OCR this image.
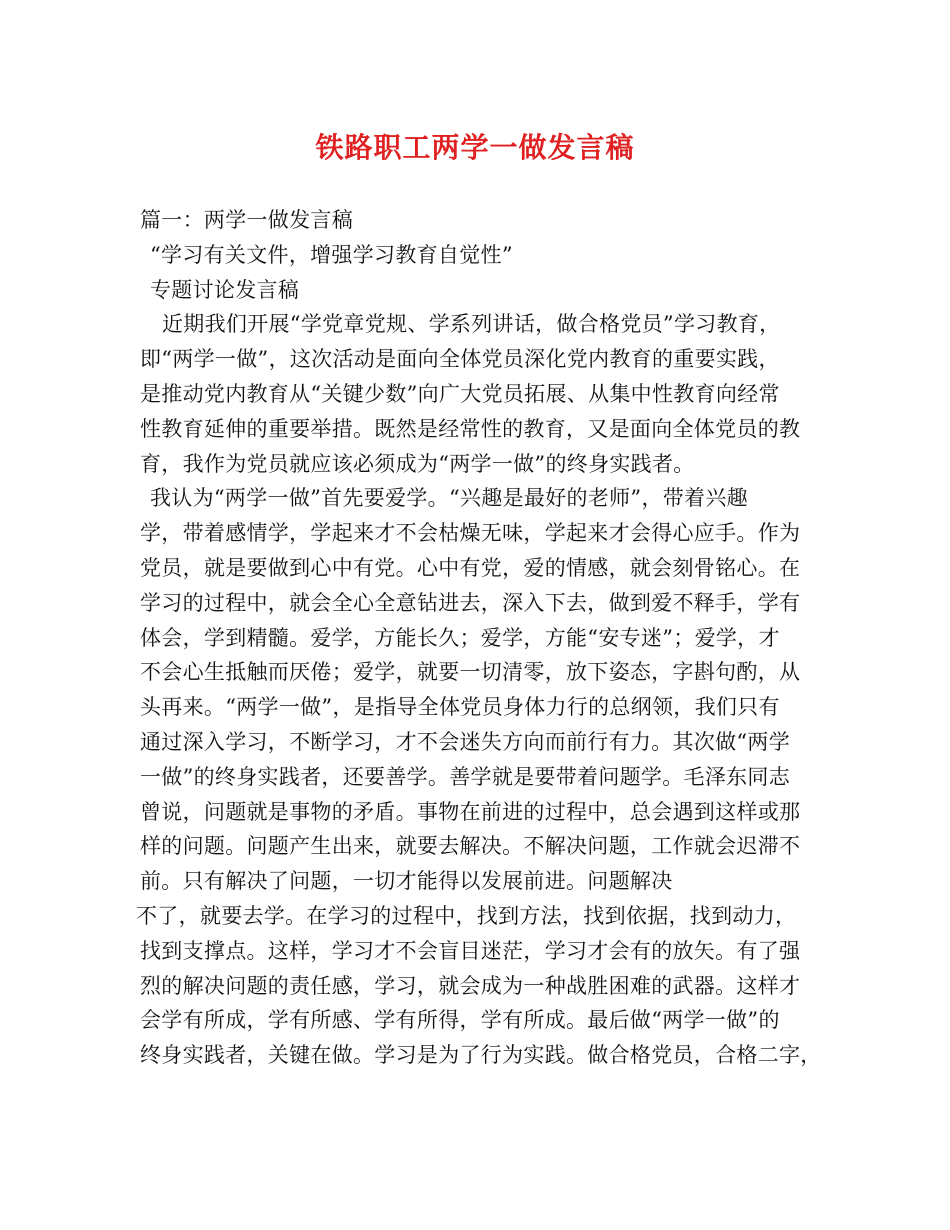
铁路职工两学一做发言稿
篇一：两学一做发言稿
“学习有关文件，增强学习教育自觉性”
专题讨论发言稿
近期我们开展“学党章党规、学系列讲话，做合格党员”学习教育，
即“两学一做”，这次活动是面向全体党员深化党内教育的重要实践，
是推动党内教育从“关键少数”向广大党员拓展、从集中性教育向经常
性教育延伸的重要举措。既然是经常性的教育，又是面向全体党员的教
育，我作为党员就应该必须成为“两学一做”的终身实践者。
我认为“两学一做”首先要爱学。“兴趣是最好的老师”，带着兴趣
学，带着感情学，学起来才不会枯燥无味，学起来才会得心应手。作为
党员，就是要做到心中有党。心中有党，爱的情感，就会刻骨铭心。在
学习的过程中，就会全心全意钻进去，深入下去，做到爱不释手，学有
体会，学到精髓。爱学，方能长久；爱学，方能“安专迷”；爱学，才
不会心生抵触而厌倦；爱学，就要一切清零，放下姿态，字斟句酌，从
头再来。“两学一做”，是指导全体党员身体力行的总纲领，我们只有
通过深入学习，不断学习，才不会迷失方向而前行有力。其次做“两学
一做”的终身实践者，还要善学。善学就是要带着问题学。毛泽东同志
曾说，问题就是事物的矛盾。事物在前进的过程中，总会遇到这样或那
样的问题。问题产生出来，就要去解决。不解决问题，工作就会迟滞不
前。只有解决了问题，一切才能得以发展前进。问题解决
不了，就要去学。在学习的过程中，找到方法，找到依据，找到动力，
找到支撑点。这样，学习才不会盲目迷茫，学习才会有的放矢。有了强
烈的解决问题的责任感，学习，就会成为一种战胜困难的武器。这样才
会学有所成，学有所感、学有所得，学有所成。最后做“两学一做”的
终身实践者，关键在做。学习是为了行为实践。做合格党员，合格二字，
